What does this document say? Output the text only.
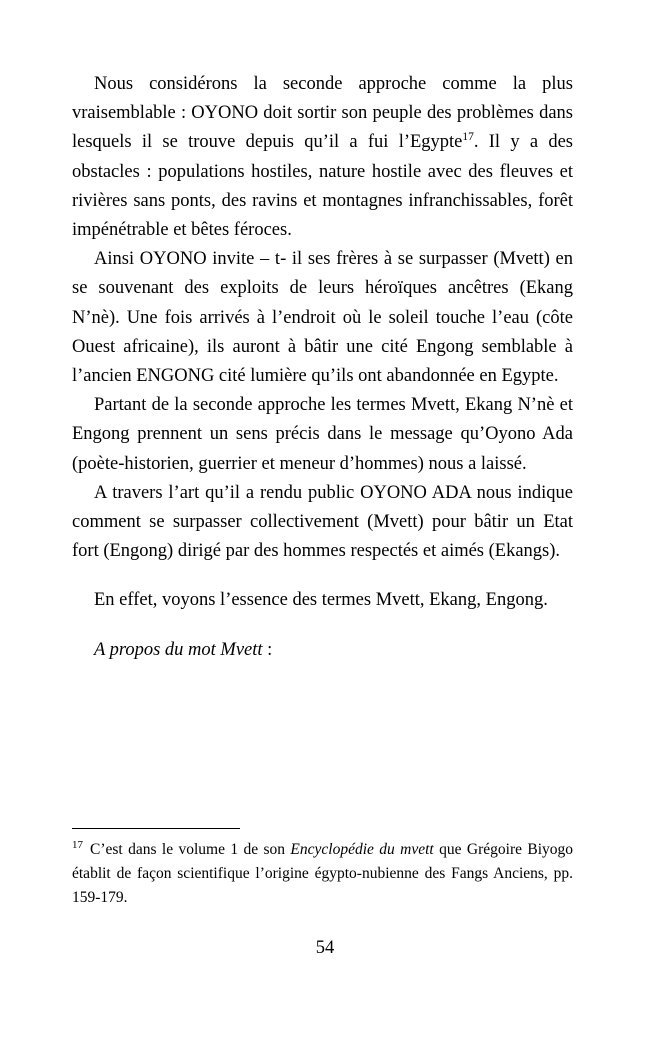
Nous considérons la seconde approche comme la plus vraisemblable : OYONO doit sortir son peuple des problèmes dans lesquels il se trouve depuis qu’il a fui l’Egypte$^{17}$. Il y a des obstacles : populations hostiles, nature hostile avec des fleuves et rivières sans ponts, des ravins et montagnes infranchissables, forêt impénétrable et bêtes féroces.

Ainsi OYONO invite – t- il ses frères à se surpasser (Mvett) en se souvenant des exploits de leurs héroïques ancêtres (Ekang N’nè). Une fois arrivés à l’endroit où le soleil touche l’eau (côte Ouest africaine), ils auront à bâtir une cité Engong semblable à l’ancien ENGONG cité lumière qu’ils ont abandonnée en Egypte.

Partant de la seconde approche les termes Mvett, Ekang N’nè et Engong prennent un sens précis dans le message qu’Oyono Ada (poète-historien, guerrier et meneur d’hommes) nous a laissé.

A travers l’art qu’il a rendu public OYONO ADA nous indique comment se surpasser collectivement (Mvett) pour bâtir un Etat fort (Engong) dirigé par des hommes respectés et aimés (Ekangs).

En effet, voyons l’essence des termes Mvett, Ekang, Engong.

A propos du mot Mvett :

$^{17}$ C’est dans le volume 1 de son Encyclopédie du mvett que Grégoire Biyogo établit de façon scientifique l’origine égypto-nubienne des Fangs Anciens, pp. 159-179.

54
